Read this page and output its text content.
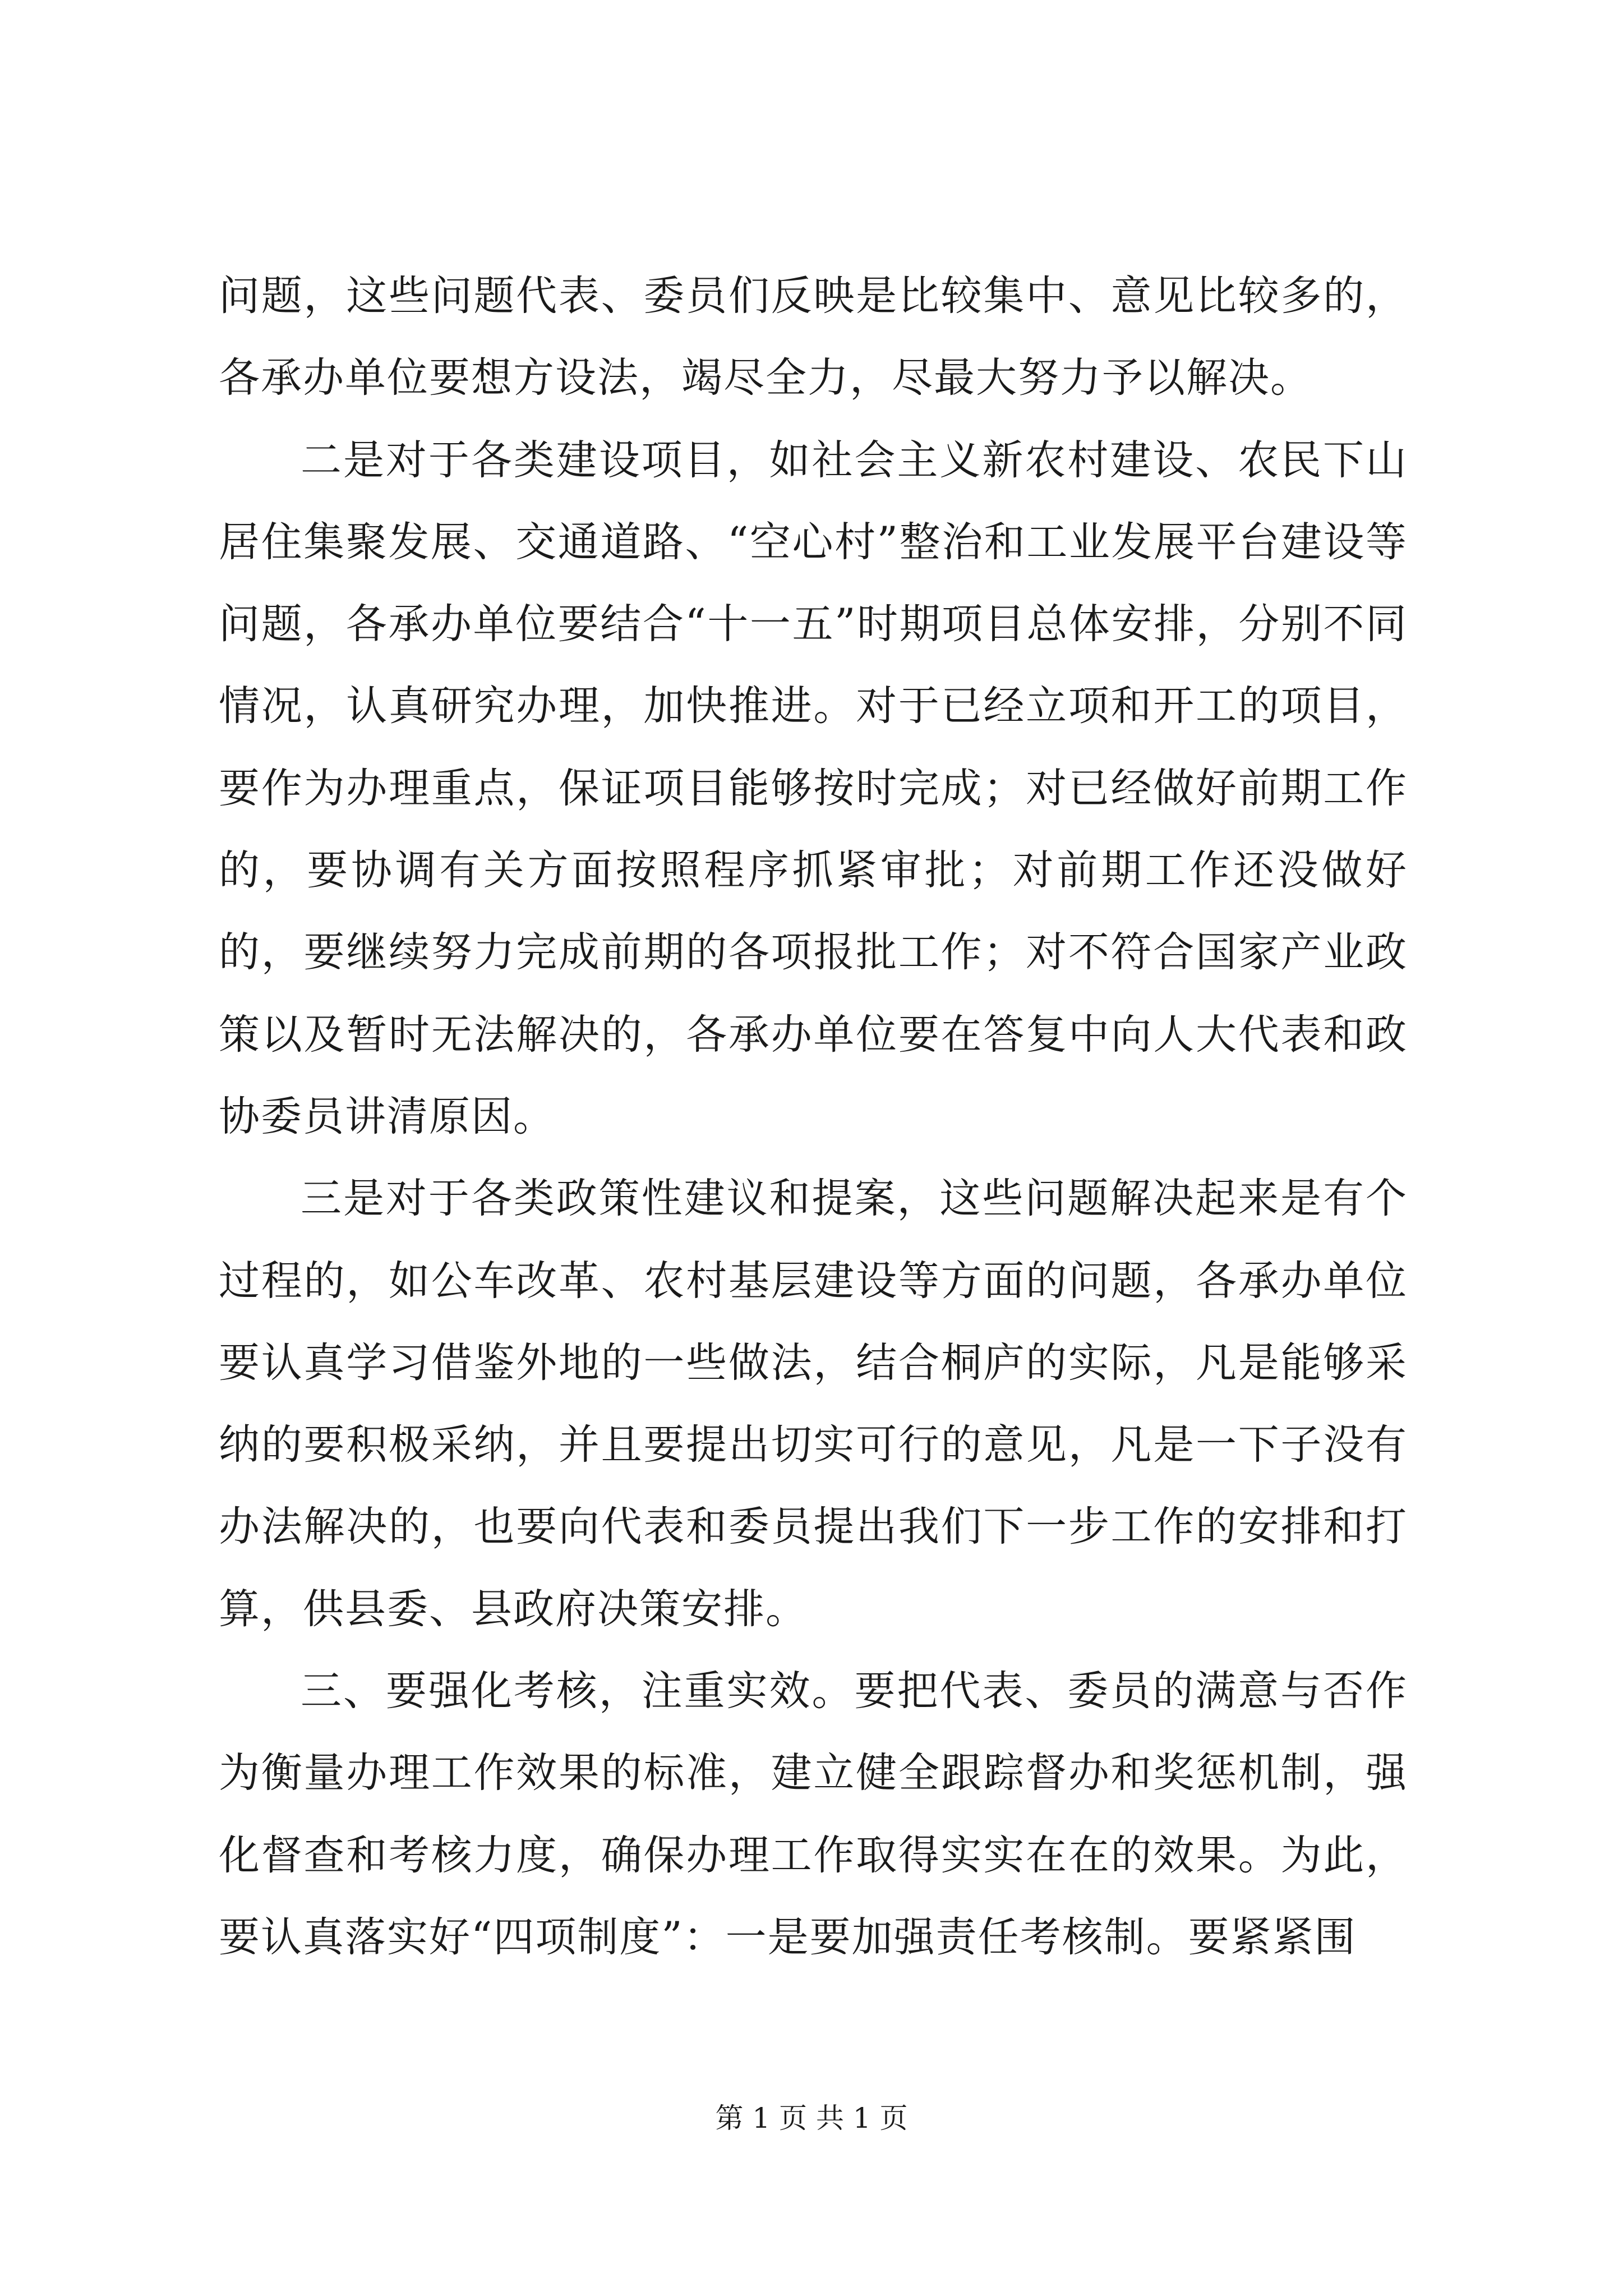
问题，这些问题代表、委员们反映是比较集中、意见比较多的，各承办单位要想方设法，竭尽全力，尽最大努力予以解决。

二是对于各类建设项目，如社会主义新农村建设、农民下山居住集聚发展、交通道路、“空心村”整治和工业发展平台建设等问题，各承办单位要结合“十一五”时期项目总体安排，分别不同情况，认真研究办理，加快推进。对于已经立项和开工的项目，要作为办理重点，保证项目能够按时完成；对已经做好前期工作的，要协调有关方面按照程序抓紧审批；对前期工作还没做好的，要继续努力完成前期的各项报批工作；对不符合国家产业政策以及暂时无法解决的，各承办单位要在答复中向人大代表和政协委员讲清原因。

三是对于各类政策性建议和提案，这些问题解决起来是有个过程的，如公车改革、农村基层建设等方面的问题，各承办单位要认真学习借鉴外地的一些做法，结合桐庐的实际，凡是能够采纳的要积极采纳，并且要提出切实可行的意见，凡是一下子没有办法解决的，也要向代表和委员提出我们下一步工作的安排和打算，供县委、县政府决策安排。

三、要强化考核，注重实效。要把代表、委员的满意与否作为衡量办理工作效果的标准，建立健全跟踪督办和奖惩机制，强化督查和考核力度，确保办理工作取得实实在在的效果。为此，要认真落实好“四项制度”：一是要加强责任考核制。要紧紧围

第 1 页 共 1 页
